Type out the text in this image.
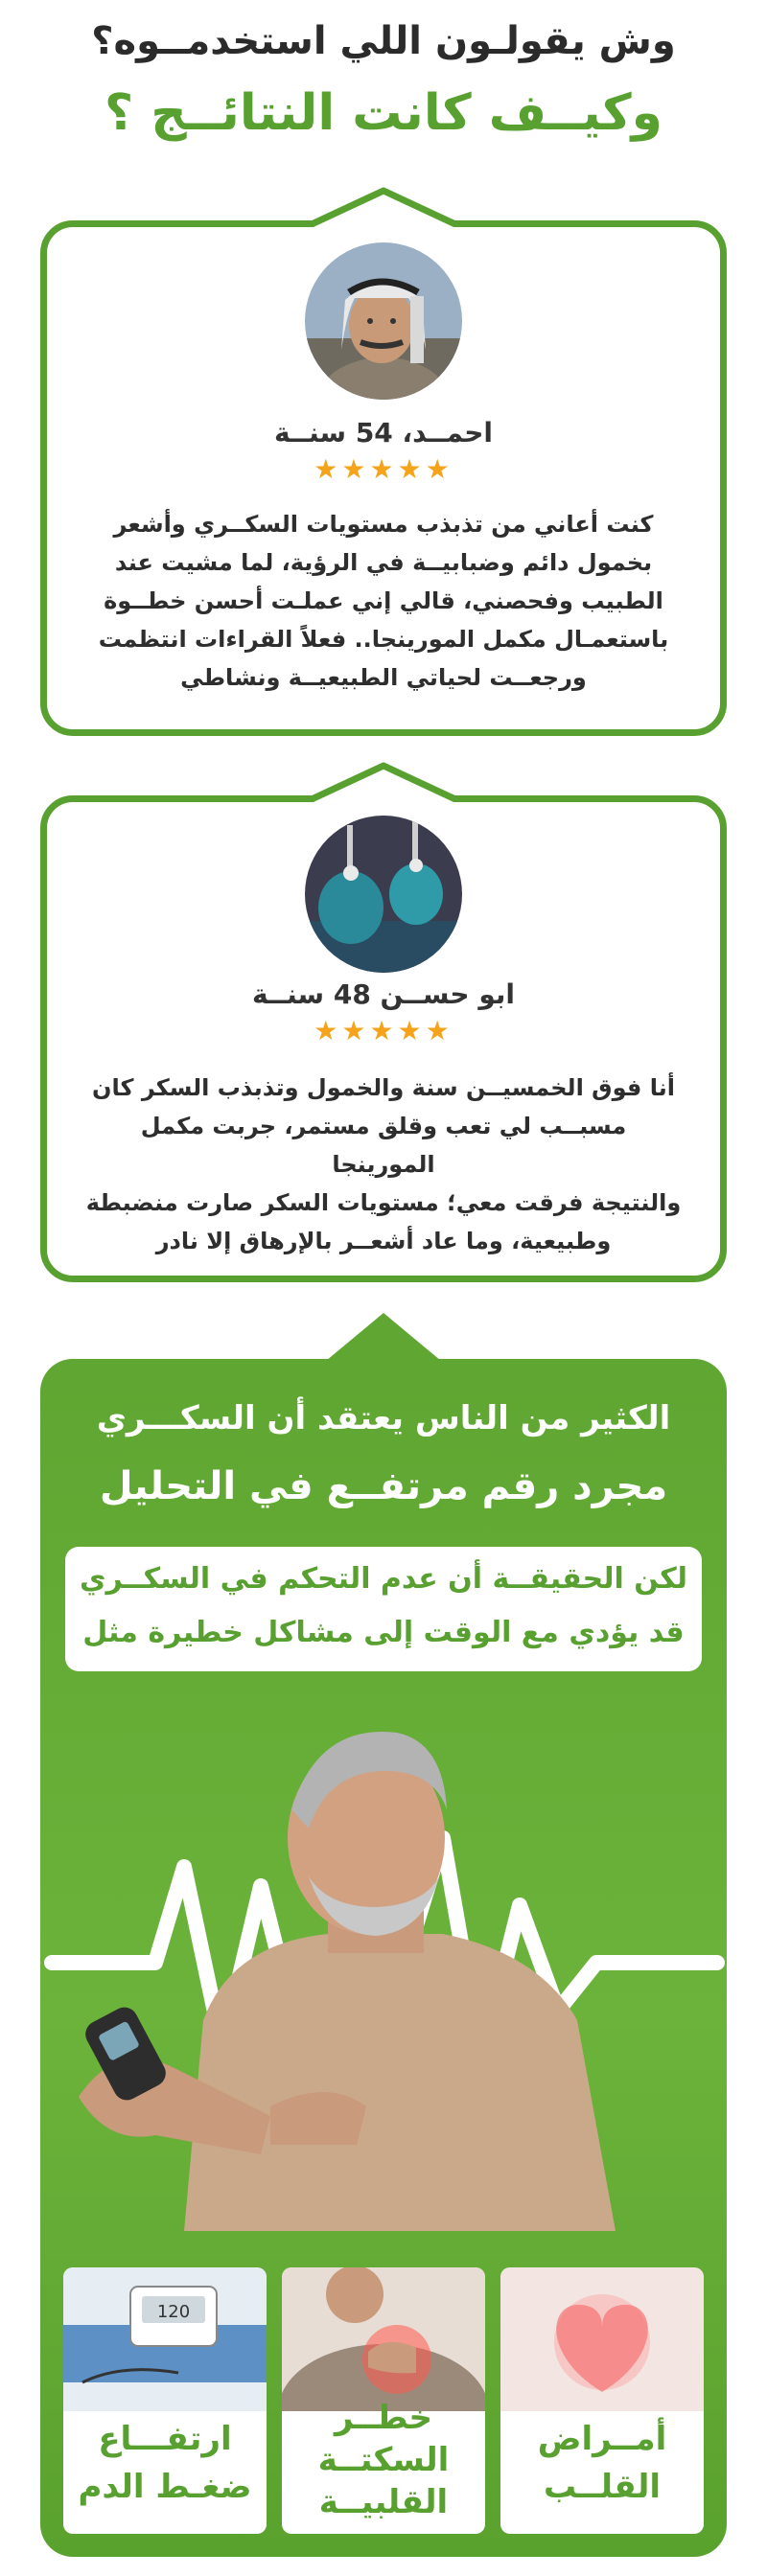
وش يقولـون اللي استخدمــوه؟
وكيــف كانت النتائــج ؟
احمــد، 54 سنــة
★★★★★
كنت أعاني من تذبذب مستويات السكــري وأشعر
بخمول دائم وضبابيــة في الرؤية، لما مشيت عند
الطبيب وفحصني، قالي إني عملـت أحسن خطــوة
باستعمـال مكمل المورينجا.. فعلاً القراءات انتظمت
ورجعــت لحياتي الطبيعيــة ونشاطي
ابو حســن 48 سنــة
★★★★★
أنا فوق الخمسيــن سنة والخمول وتذبذب السكر كان
مسبــب لي تعب وقلق مستمر، جربت مكمل المورينجا
والنتيجة فرقت معي؛ مستويات السكر صارت منضبطة
وطبيعية، وما عاد أشعــر بالإرهاق إلا نادر
الكثير من الناس يعتقد أن السكـــري
مجرد رقم مرتفــع في التحليل
لكن الحقيقــة أن عدم التحكم في السكــري
قد يؤدي مع الوقت إلى مشاكل خطيرة مثل
أمــراض
القلــب
خطــر
السكتــة
القلبيــة
120
ارتفـــاع
ضغـط الدم
